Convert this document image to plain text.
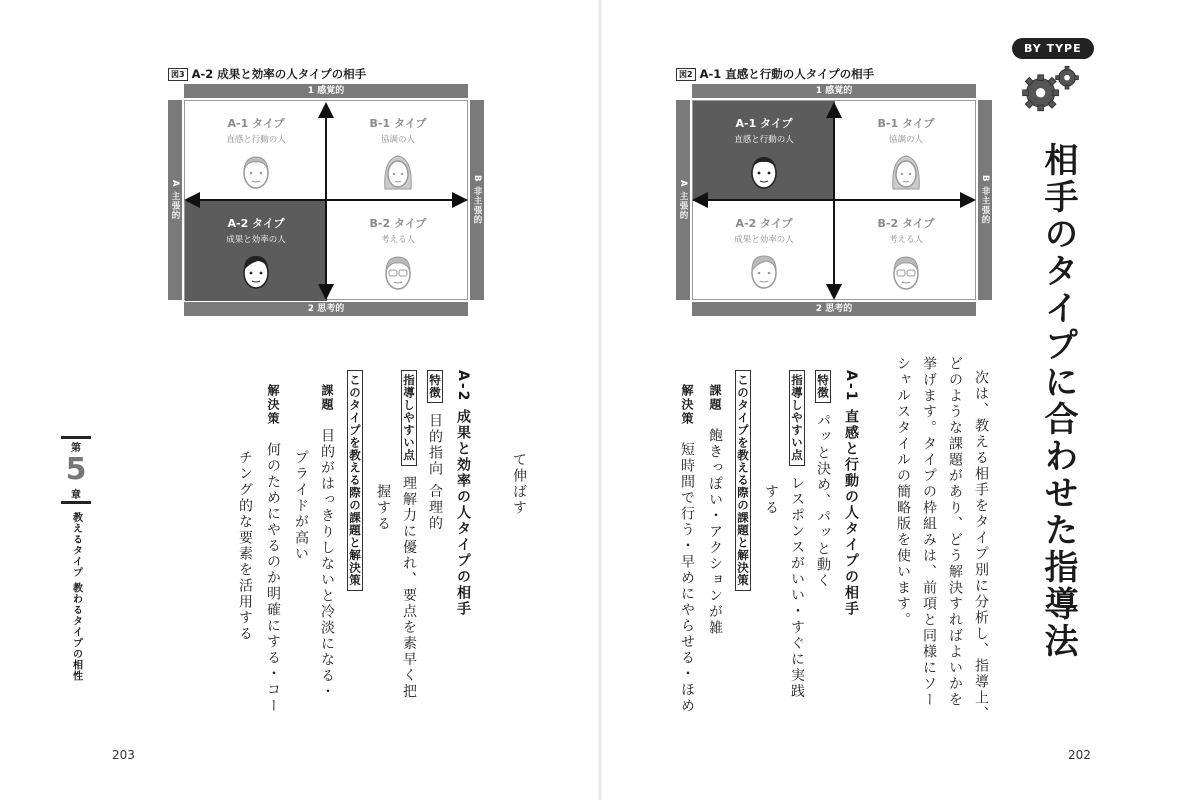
図3 A-2 成果と効率の人タイプの相手
1 感覚的
2 思考的
A 主張的	B 非主張的
A-1 タイプ
直感と行動の人
B-1 タイプ
協調の人
A-2 タイプ
成果と効率の人
B-2 タイプ
考える人
て伸ばす
A-2 成果と効率の人タイプの相手
特徴目的指向 合理的
指導しやすい点理解力に優れ、要点を素早く把
握する
このタイプを教える際の課題と解決策
課題目的がはっきりしないと冷淡になる・
プライドが高い
解決策何のためにやるのか明確にする・コー
チング的な要素を活用する
第
5
章
教えるタイプ 教わるタイプの相性
203
図2 A-1 直感と行動の人タイプの相手
1 感覚的
2 思考的
A 主張的	B 非主張的
A-1 タイプ
直感と行動の人
B-1 タイプ
協調の人
A-2 タイプ
成果と効率の人
B-2 タイプ
考える人
BY TYPE
相手のタイプに合わせた指導法
次は、教える相手をタイプ別に分析し、指導上、
どのような課題があり、どう解決すればよいかを
挙げます。タイプの枠組みは、前項と同様にソー
シャルスタイルの簡略版を使います。
A-1 直感と行動の人タイプの相手
特徴パッと決め、パッと動く
指導しやすい点レスポンスがいい・すぐに実践
する
このタイプを教える際の課題と解決策
課題飽きっぽい・アクションが雑
解決策短時間で行う・早めにやらせる・ほめ
202
